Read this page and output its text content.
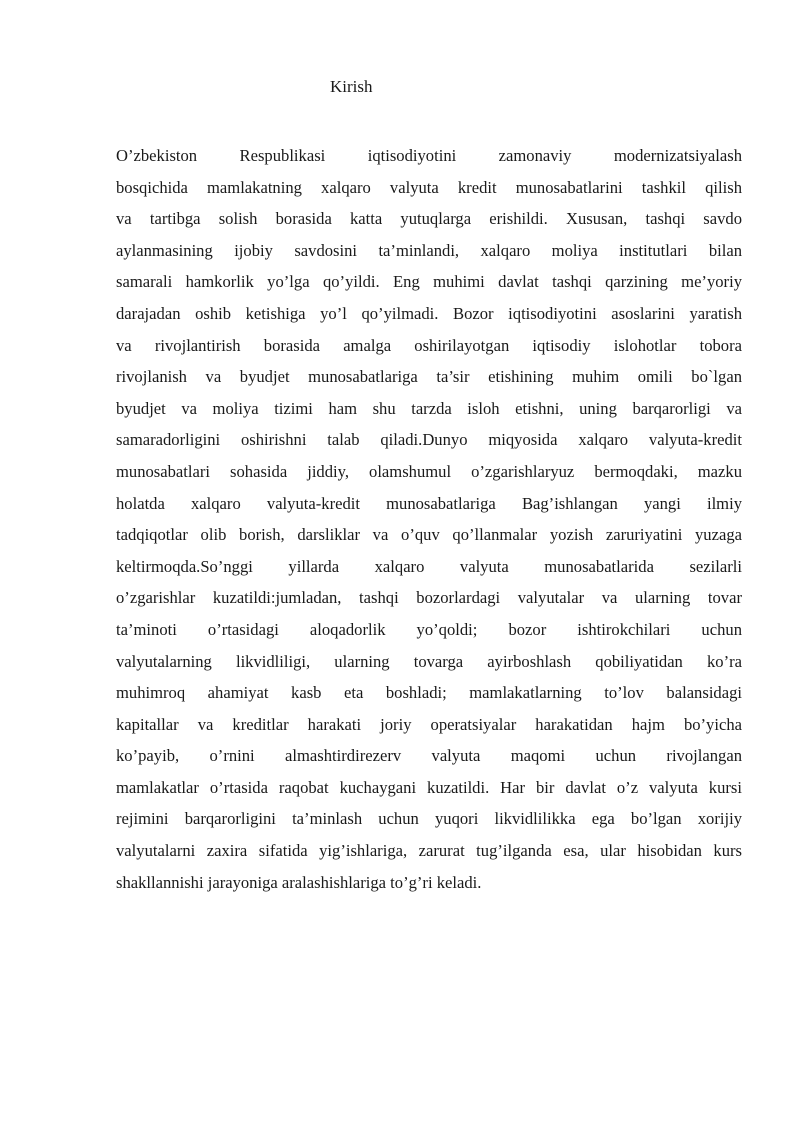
Kirish
O’zbekiston Respublikasi iqtisodiyotini zamonaviy modernizatsiyalash
bosqichida mamlakatning xalqaro valyuta kredit munosabatlarini tashkil qilish
va tartibga solish borasida katta yutuqlarga erishildi. Xususan, tashqi savdo
aylanmasining ijobiy savdosini ta’minlandi, xalqaro moliya institutlari bilan
samarali hamkorlik yo’lga qo’yildi. Eng muhimi davlat tashqi qarzining me’yoriy
darajadan oshib ketishiga yo’l qo’yilmadi. Bozor iqtisodiyotini asoslarini yaratish
va rivojlantirish borasida amalga oshirilayotgan iqtisodiy islohotlar tobora
rivojlanish va byudjet munosabatlariga ta’sir etishining muhim omili bo`lgan
byudjet va moliya tizimi ham shu tarzda isloh etishni, uning barqarorligi va
samaradorligini oshirishni talab qiladi.Dunyo miqyosida xalqaro valyuta-kredit
munosabatlari sohasida jiddiy, olamshumul o’zgarishlaryuz bermoqdaki, mazku
holatda xalqaro valyuta-kredit munosabatlariga Bag’ishlangan yangi ilmiy
tadqiqotlar olib borish, darsliklar va o’quv qo’llanmalar yozish zaruriyatini yuzaga
keltirmoqda.So’nggi yillarda xalqaro valyuta munosabatlarida sezilarli
o’zgarishlar kuzatildi:jumladan, tashqi bozorlardagi valyutalar va ularning tovar
ta’minoti o’rtasidagi aloqadorlik yo’qoldi; bozor ishtirokchilari uchun
valyutalarning likvidliligi, ularning tovarga ayirboshlash qobiliyatidan ko’ra
muhimroq ahamiyat kasb eta boshladi; mamlakatlarning to’lov balansidagi
kapitallar va kreditlar harakati joriy operatsiyalar harakatidan hajm bo’yicha
ko’payib, o’rnini almashtirdirezerv valyuta maqomi uchun rivojlangan
mamlakatlar o’rtasida raqobat kuchaygani kuzatildi. Har bir davlat o’z valyuta kursi
rejimini barqarorligini ta’minlash uchun yuqori likvidlilikka ega bo’lgan xorijiy
valyutalarni zaxira sifatida yig’ishlariga, zarurat tug’ilganda esa, ular hisobidan kurs
shakllannishi jarayoniga aralashishlariga to’g’ri keladi.
